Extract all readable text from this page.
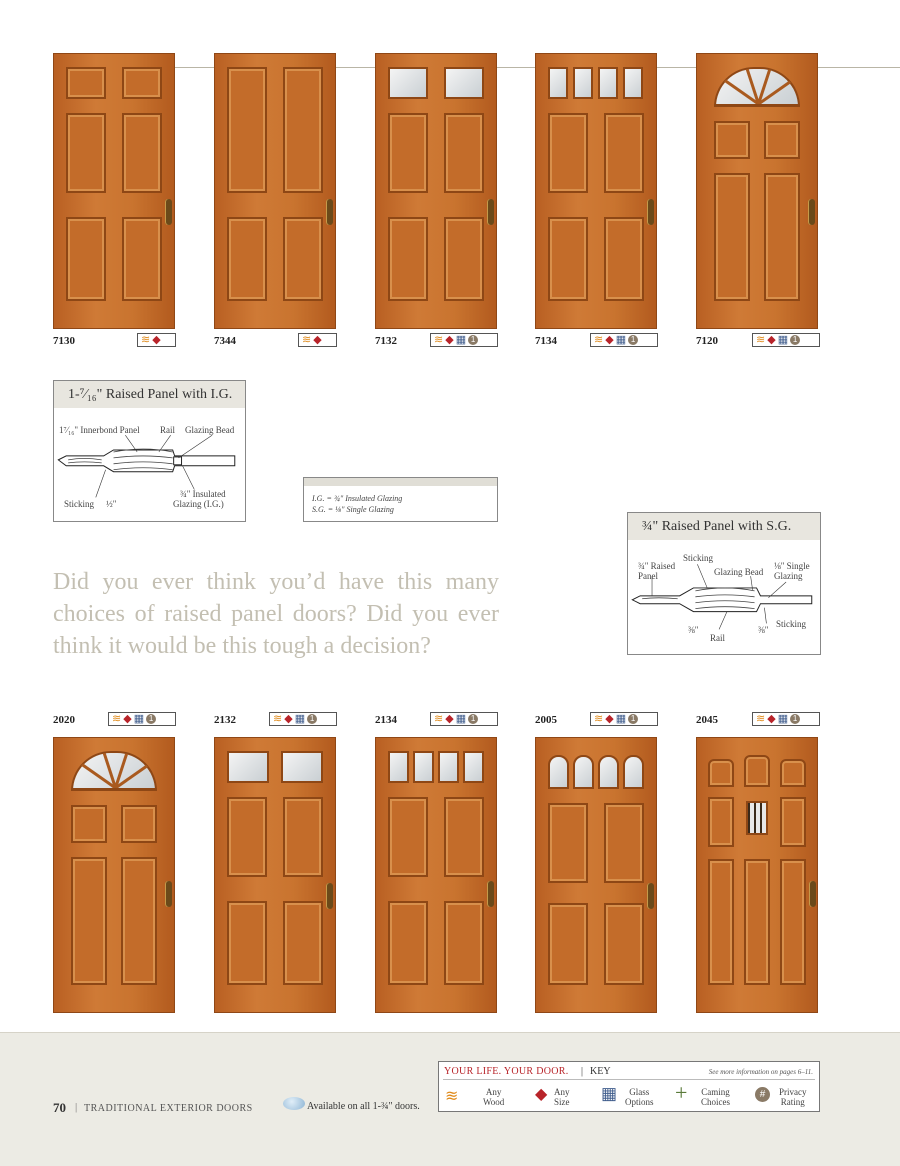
7130	7344	7132	7134	7120
≋ ◆	≋ ◆	≋ ◆ ▦ 1	≋ ◆ ▦ 1	≋ ◆ ▦ 1
1-⁷⁄₁₆" Raised Panel with I.G.
1⁷⁄₁₆" Innerbond Panel Rail Glazing Bead
Sticking ½"
¾" Insulated
Glazing (I.G.)
I.G. = ¾" Insulated Glazing
S.G. = ⅛" Single Glazing
¾" Raised Panel with S.G.
¾" Raised
Panel
Sticking
Glazing Bead
⅛" Single
Glazing
Sticking
⅜"	⅜"
Rail
Did you ever think you’d have this many choices of raised panel doors? Did you ever think it would be this tough a decision?
2020	2132	2134	2005	2045
≋ ◆ ▦ 1	≋ ◆ ▦ 1	≋ ◆ ▦ 1	≋ ◆ ▦ 1	≋ ◆ ▦ 1
70 | TRADITIONAL EXTERIOR DOORS	Available on all 1-¾" doors.
YOUR LIFE. YOUR DOOR. | KEY	See more information on pages 6–11.
≋	Any
Wood ◆ Any
Size ▦	Glass
Options + Caming
Choices
#	Privacy
Rating
